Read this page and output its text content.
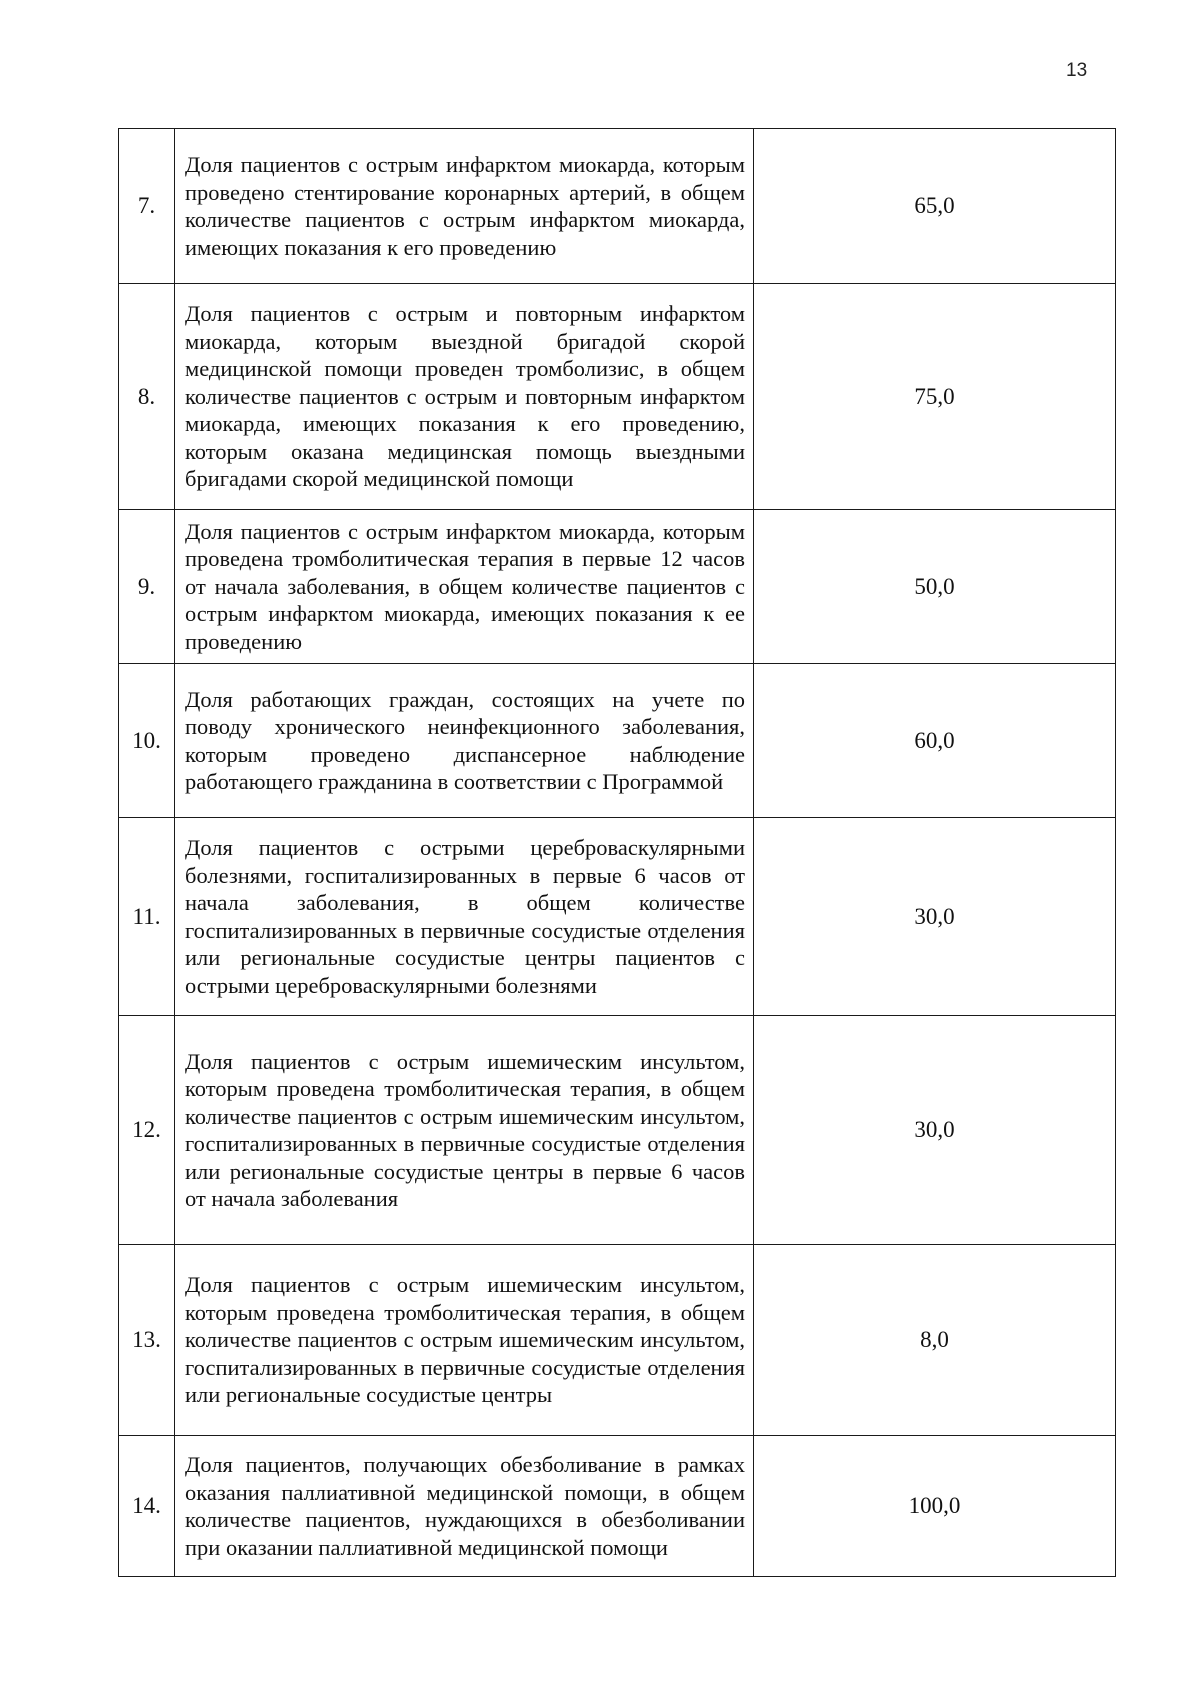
13
7.	Доля пациентов с острым инфарктом миокарда, которым проведено стентирование коронарных артерий, в общем количестве пациентов с острым инфарктом миокарда, имеющих показания к его проведению	65,0
8.	Доля пациентов с острым и повторным инфарктом миокарда, которым выездной бригадой скорой медицинской помощи проведен тромболизис, в общем количестве пациентов с острым и повторным инфарктом миокарда, имеющих показания к его проведению, которым оказана медицинская помощь выездными бригадами скорой медицинской помощи	75,0
9.	Доля пациентов с острым инфарктом миокарда, которым проведена тромболитическая терапия в первые 12 часов от начала заболевания, в общем количестве пациентов с острым инфарктом миокарда, имеющих показания к ее проведению	50,0
10.	Доля работающих граждан, состоящих на учете по поводу хронического неинфекционного заболевания, которым проведено диспансерное наблюдение работающего гражданина в соответствии с Программой	60,0
11.	Доля пациентов с острыми цереброваскулярными болезнями, госпитализированных в первые 6 часов от начала заболевания, в общем количестве госпитализированных в первичные сосудистые отделения или региональные сосудистые центры пациентов с острыми цереброваскулярными болезнями	30,0
12.	Доля пациентов с острым ишемическим инсультом, которым проведена тромболитическая терапия, в общем количестве пациентов с острым ишемическим инсультом, госпитализированных в первичные сосудистые отделения или региональные сосудистые центры в первые 6 часов от начала заболевания	30,0
13.	Доля пациентов с острым ишемическим инсультом, которым проведена тромболитическая терапия, в общем количестве пациентов с острым ишемическим инсультом, госпитализированных в первичные сосудистые отделения или региональные сосудистые центры	8,0
14.	Доля пациентов, получающих обезболивание в рамках оказания паллиативной медицинской помощи, в общем количестве пациентов, нуждающихся в обезболивании при оказании паллиативной медицинской помощи	100,0
